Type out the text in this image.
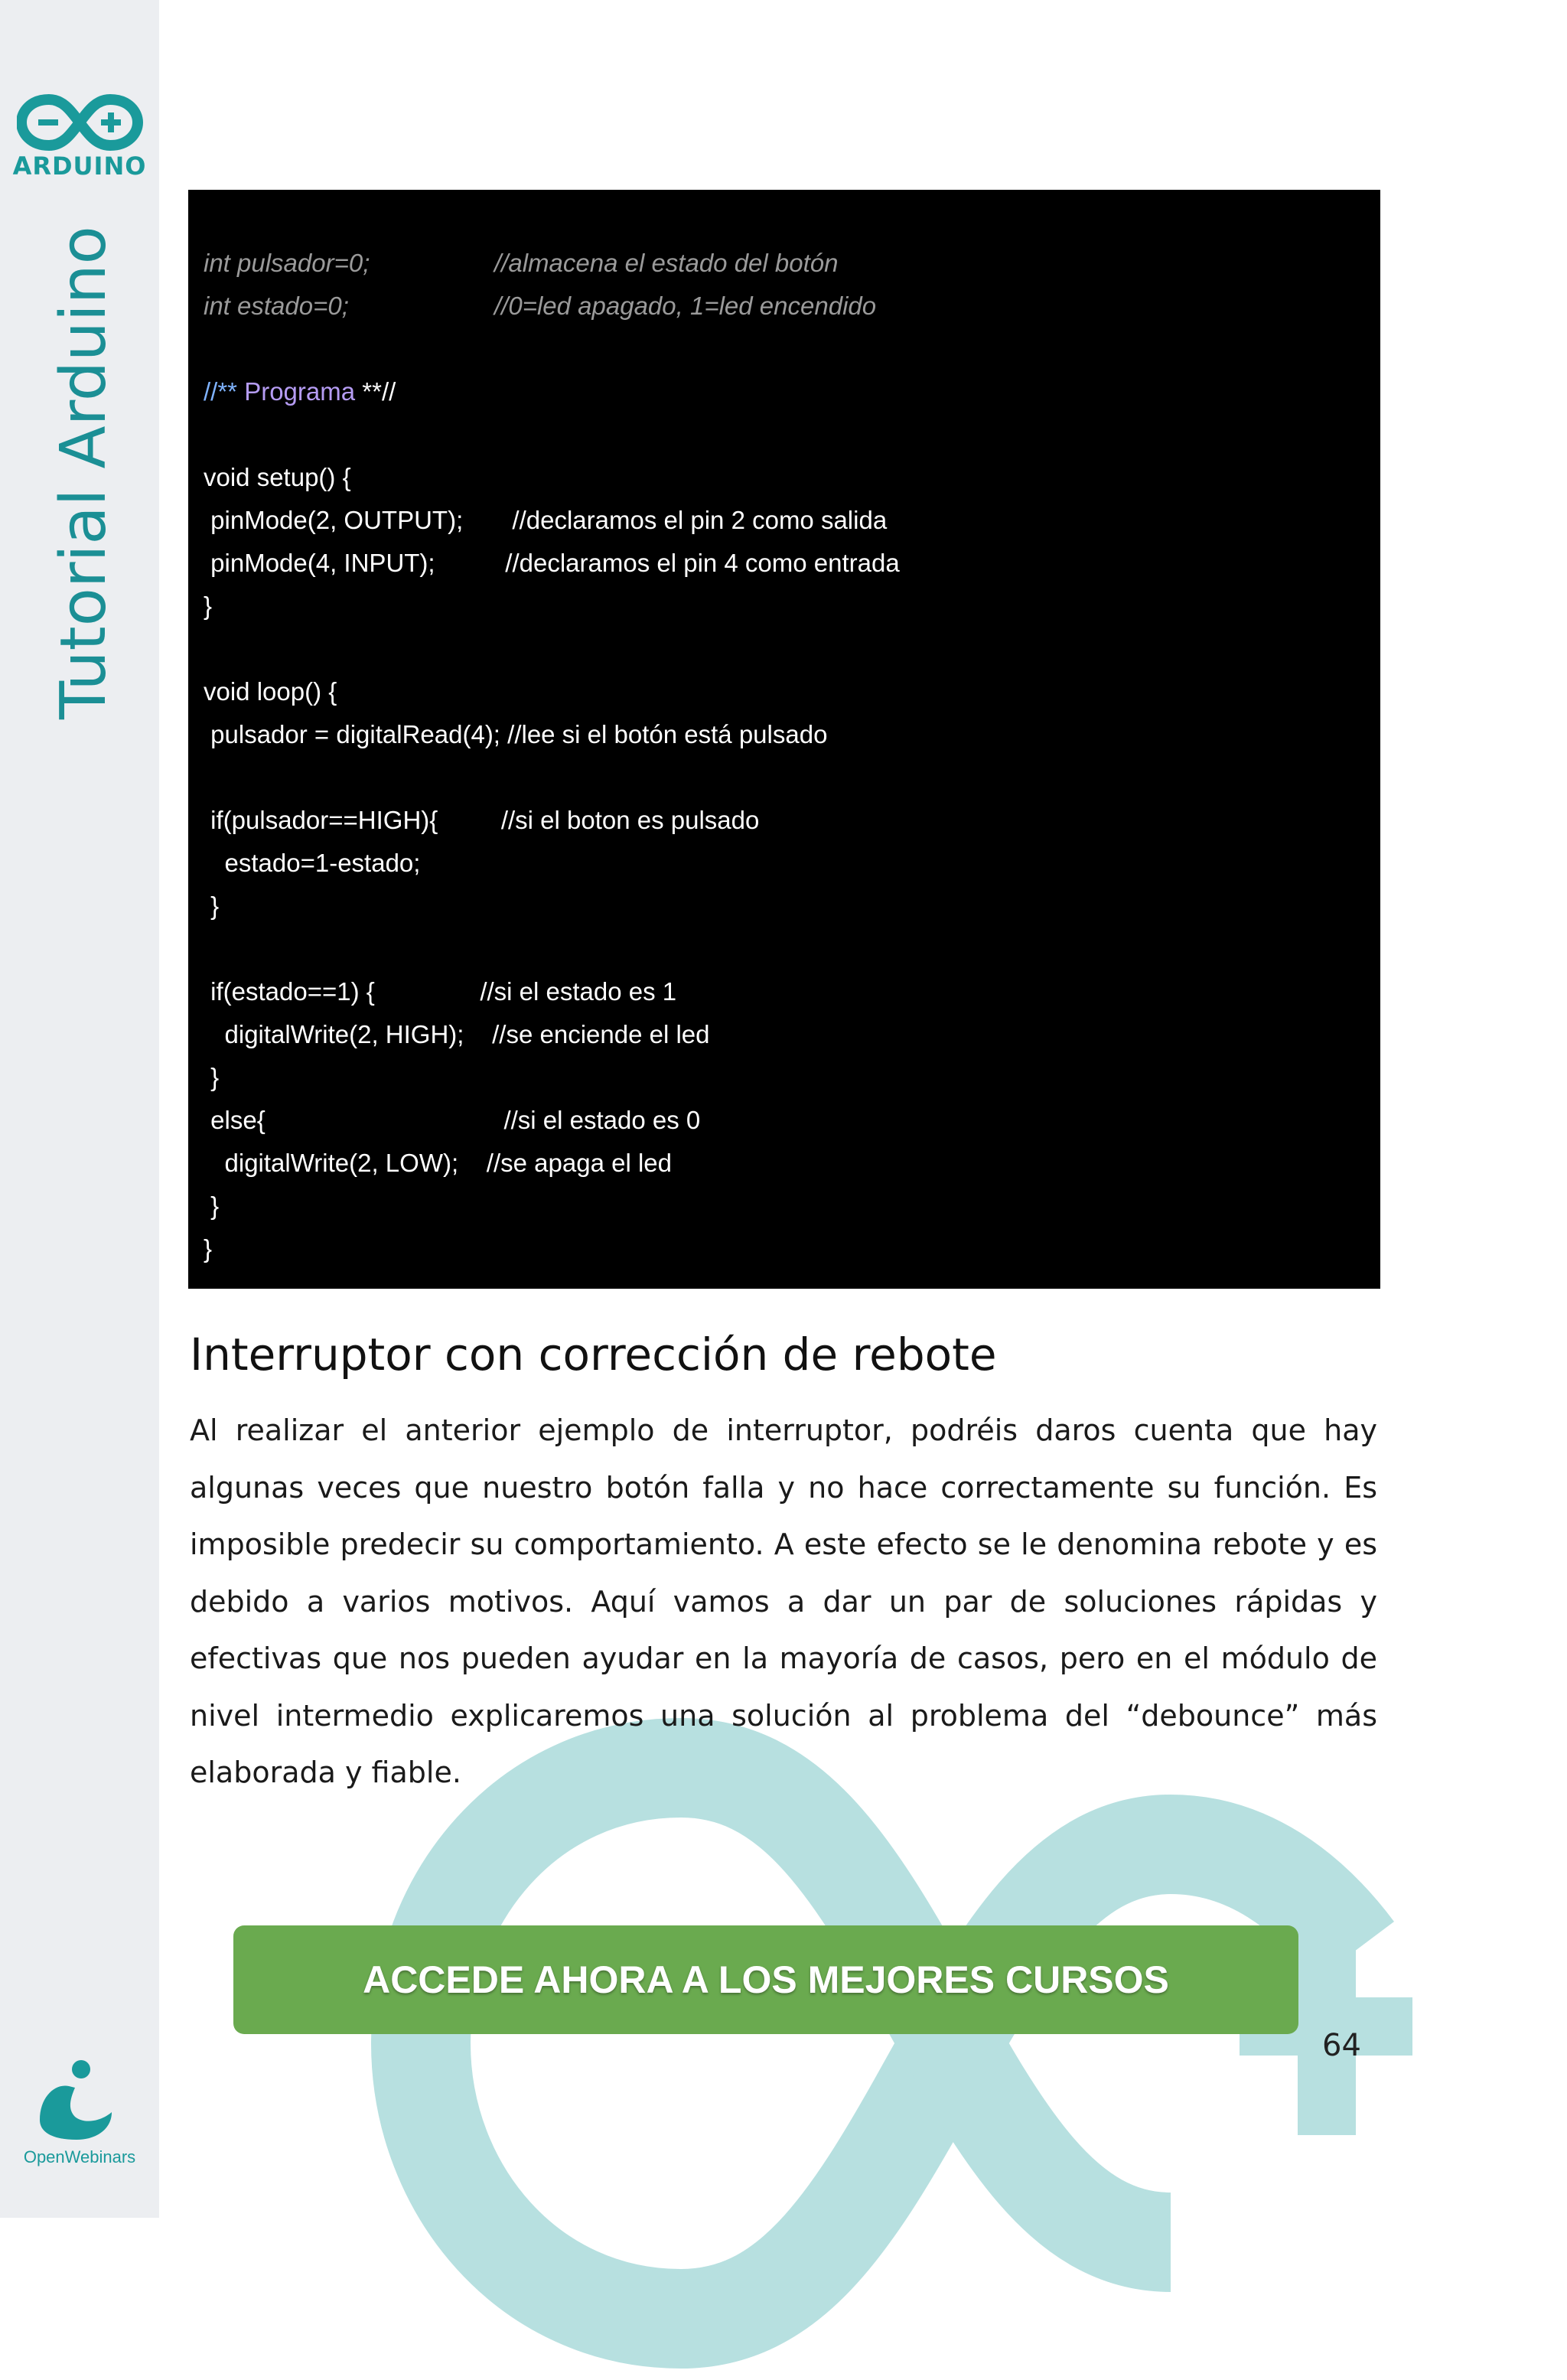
ARDUINO
Tutorial Arduino
OpenWebinars
int pulsador=0;	//almacena el estado del botón
int estado=0;	//0=led apagado, 1=led encendido
//** Programa **//
void setup() {
pinMode(2, OUTPUT);       //declaramos el pin 2 como salida
pinMode(4, INPUT);          //declaramos el pin 4 como entrada
}
void loop() {
pulsador = digitalRead(4); //lee si el botón está pulsado
if(pulsador==HIGH){         //si el boton es pulsado
estado=1-estado;
}
if(estado==1) {               //si el estado es 1
digitalWrite(2, HIGH);    //se enciende el led
}
else{                                  //si el estado es 0
digitalWrite(2, LOW);    //se apaga el led
}
}
Interruptor con corrección de rebote
Al realizar el anterior ejemplo de interruptor, podréis daros cuenta que hay algunas veces que nuestro botón falla y no hace correctamente su función. Es imposible predecir su comportamiento. A este efecto se le denomina rebote y es debido a varios motivos. Aquí vamos a dar un par de soluciones rápidas y efectivas que nos pueden ayudar en la mayoría de casos, pero en el módulo de nivel intermedio explicaremos una solución al problema del “debounce” más elaborada y fiable.
ACCEDE AHORA A LOS MEJORES CURSOS
64
